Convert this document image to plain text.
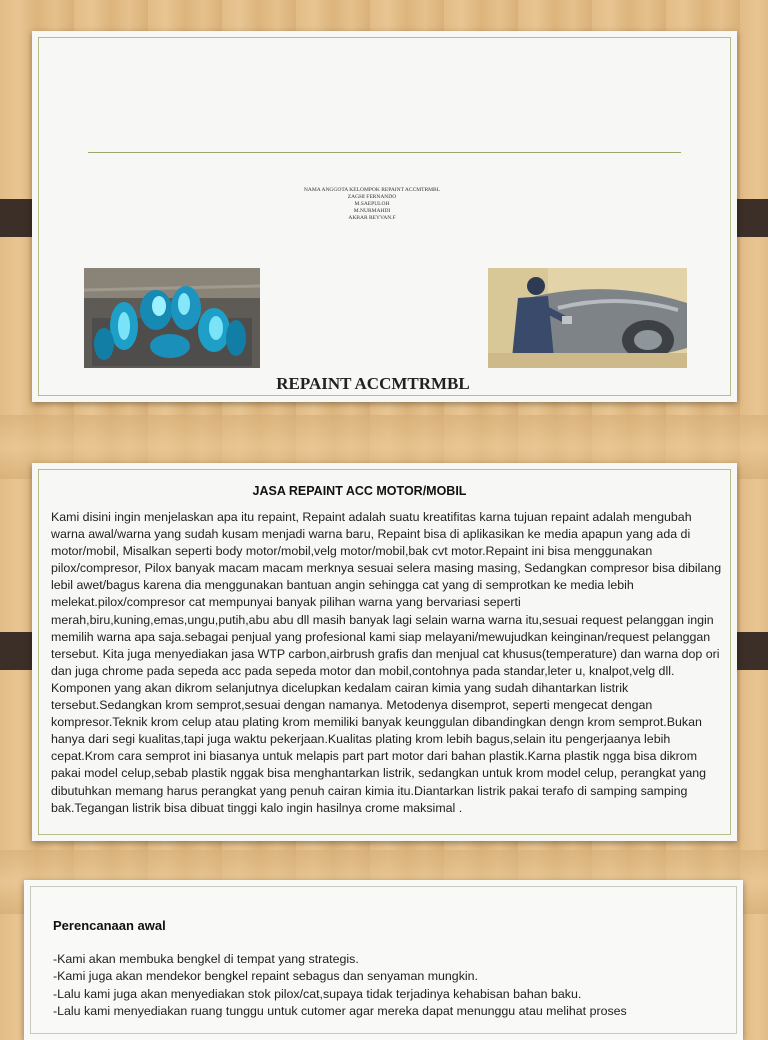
NAMA ANGGOTA KELOMPOK REPAINT ACCMTRMBL
ZAGHI FERNANDO
M.SAEPULOH
M.NURMAHDI
AKBAR REYVAN.F
REPAINT ACCMTRMBL
JASA REPAINT ACC MOTOR/MOBIL
Kami disini ingin menjelaskan apa itu repaint, Repaint adalah suatu kreatifitas karna tujuan repaint adalah mengubah warna awal/warna yang sudah kusam menjadi warna baru, Repaint bisa di aplikasikan ke media apapun yang ada di motor/mobil, Misalkan seperti body motor/mobil,velg motor/mobil,bak cvt motor.Repaint ini bisa menggunakan pilox/compresor, Pilox banyak macam macam merknya sesuai selera masing masing, Sedangkan compresor bisa dibilang lebil awet/bagus karena dia menggunakan bantuan angin sehingga cat yang di semprotkan ke media lebih melekat.pilox/compresor cat mempunyai banyak pilihan warna yang bervariasi seperti merah,biru,kuning,emas,ungu,putih,abu abu dll masih banyak lagi selain warna warna itu,sesuai request pelanggan ingin memilih warna apa saja.sebagai penjual yang profesional kami siap melayani/mewujudkan keinginan/request pelanggan tersebut. Kita juga menyediakan jasa WTP carbon,airbrush grafis dan menjual cat khusus(temperature) dan warna dop ori dan juga chrome pada sepeda acc pada sepeda motor dan mobil,contohnya pada standar,leter u, knalpot,velg dll. Komponen yang akan dikrom selanjutnya dicelupkan kedalam cairan kimia yang sudah dihantarkan listrik tersebut.Sedangkan krom semprot,sesuai dengan namanya. Metodenya disemprot, seperti mengecat dengan kompresor.Teknik krom celup atau plating krom memiliki banyak keunggulan dibandingkan dengn krom semprot.Bukan hanya dari segi kualitas,tapi juga waktu pekerjaan.Kualitas plating krom lebih bagus,selain itu pengerjaanya lebih cepat.Krom cara semprot ini biasanya untuk melapis part part motor dari bahan plastik.Karna plastik ngga bisa dikrom pakai model celup,sebab plastik nggak bisa menghantarkan listrik, sedangkan untuk krom model celup, perangkat yang dibutuhkan memang harus perangkat yang penuh cairan kimia itu.Diantarkan listrik pakai terafo di samping samping bak.Tegangan listrik bisa dibuat tinggi kalo ingin hasilnya crome maksimal .
Perencanaan awal
-Kami akan membuka bengkel di tempat yang strategis.
-Kami juga akan mendekor bengkel repaint sebagus dan senyaman mungkin.
-Lalu kami juga akan menyediakan stok pilox/cat,supaya tidak terjadinya kehabisan bahan baku.
-Lalu kami menyediakan ruang tunggu untuk cutomer agar mereka dapat menunggu atau melihat proses
